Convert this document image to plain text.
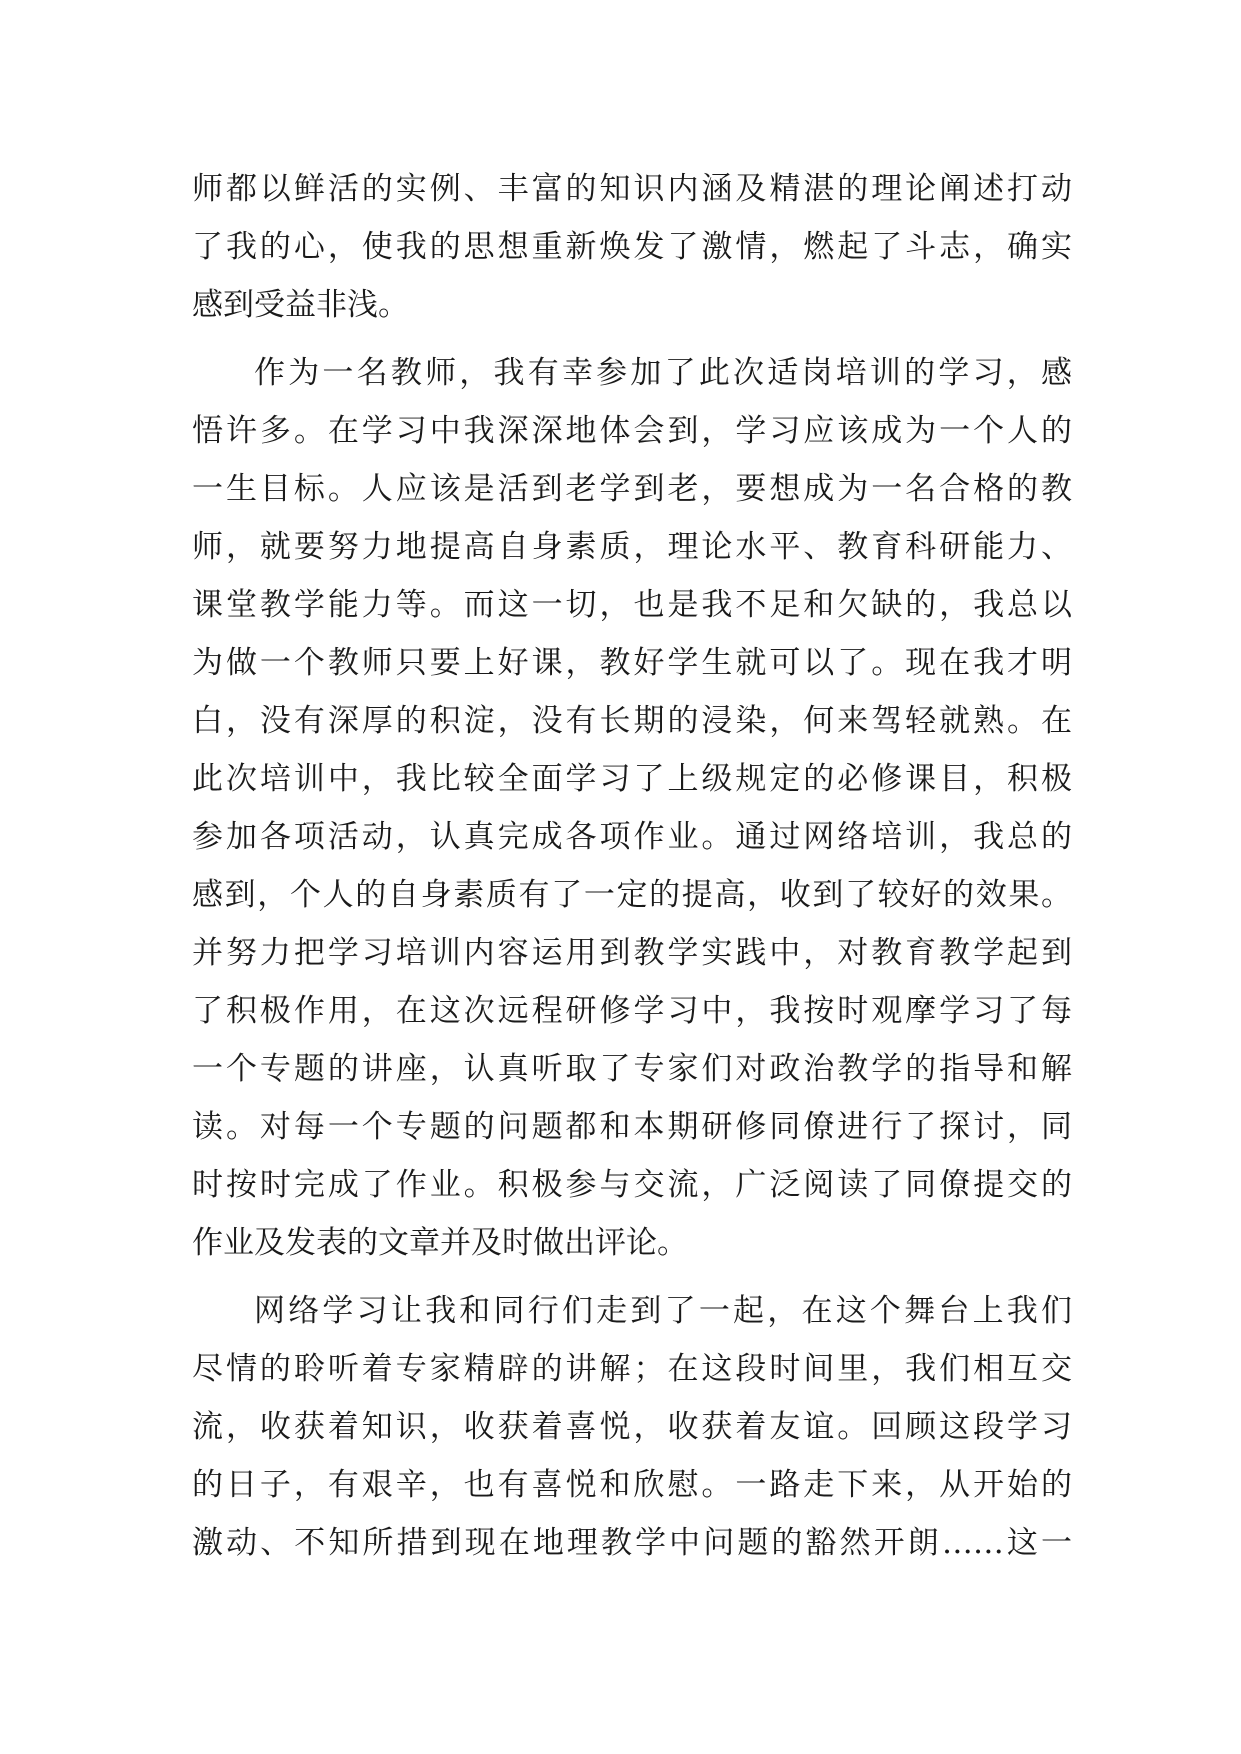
师都以鲜活的实例、丰富的知识内涵及精湛的理论阐述打动
了我的心，使我的思想重新焕发了激情，燃起了斗志，确实
感到受益非浅。
作为一名教师，我有幸参加了此次适岗培训的学习，感
悟许多。在学习中我深深地体会到，学习应该成为一个人的
一生目标。人应该是活到老学到老，要想成为一名合格的教
师，就要努力地提高自身素质，理论水平、教育科研能力、
课堂教学能力等。而这一切，也是我不足和欠缺的，我总以
为做一个教师只要上好课，教好学生就可以了。现在我才明
白，没有深厚的积淀，没有长期的浸染，何来驾轻就熟。在
此次培训中，我比较全面学习了上级规定的必修课目，积极
参加各项活动，认真完成各项作业。通过网络培训，我总的
感到，个人的自身素质有了一定的提高，收到了较好的效果。
并努力把学习培训内容运用到教学实践中，对教育教学起到
了积极作用，在这次远程研修学习中，我按时观摩学习了每
一个专题的讲座，认真听取了专家们对政治教学的指导和解
读。对每一个专题的问题都和本期研修同僚进行了探讨，同
时按时完成了作业。积极参与交流，广泛阅读了同僚提交的
作业及发表的文章并及时做出评论。
网络学习让我和同行们走到了一起，在这个舞台上我们
尽情的聆听着专家精辟的讲解；在这段时间里，我们相互交
流，收获着知识，收获着喜悦，收获着友谊。回顾这段学习
的日子，有艰辛，也有喜悦和欣慰。一路走下来，从开始的
激动、不知所措到现在地理教学中问题的豁然开朗……这一
